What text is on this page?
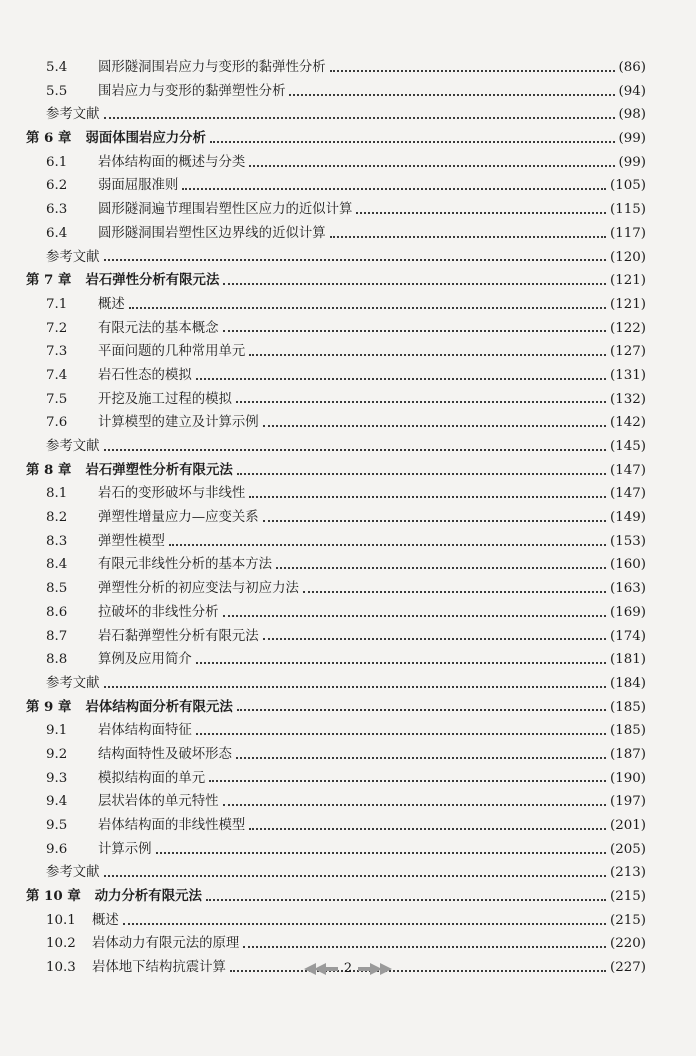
5.4	圆形隧洞围岩应力与变形的黏弹性分析	(86)
5.5	围岩应力与变形的黏弹塑性分析	(94)
参考文献	(98)
第 6 章 弱面体围岩应力分析	(99)
6.1	岩体结构面的概述与分类	(99)
6.2	弱面屈服准则	(105)
6.3	圆形隧洞遍节理围岩塑性区应力的近似计算	(115)
6.4	圆形隧洞围岩塑性区边界线的近似计算	(117)
参考文献	(120)
第 7 章 岩石弹性分析有限元法	(121)
7.1	概述	(121)
7.2	有限元法的基本概念	(122)
7.3	平面问题的几种常用单元	(127)
7.4	岩石性态的模拟	(131)
7.5	开挖及施工过程的模拟	(132)
7.6	计算模型的建立及计算示例	(142)
参考文献	(145)
第 8 章 岩石弹塑性分析有限元法	(147)
8.1	岩石的变形破坏与非线性	(147)
8.2	弹塑性增量应力—应变关系	(149)
8.3	弹塑性模型	(153)
8.4	有限元非线性分析的基本方法	(160)
8.5	弹塑性分析的初应变法与初应力法	(163)
8.6	拉破坏的非线性分析	(169)
8.7	岩石黏弹塑性分析有限元法	(174)
8.8	算例及应用简介	(181)
参考文献	(184)
第 9 章 岩体结构面分析有限元法	(185)
9.1	岩体结构面特征	(185)
9.2	结构面特性及破坏形态	(187)
9.3	模拟结构面的单元	(190)
9.4	层状岩体的单元特性	(197)
9.5	岩体结构面的非线性模型	(201)
9.6	计算示例	(205)
参考文献	(213)
第 10 章 动力分析有限元法	(215)
10.1	概述	(215)
10.2	岩体动力有限元法的原理	(220)
10.3	岩体地下结构抗震计算	(227)
2
